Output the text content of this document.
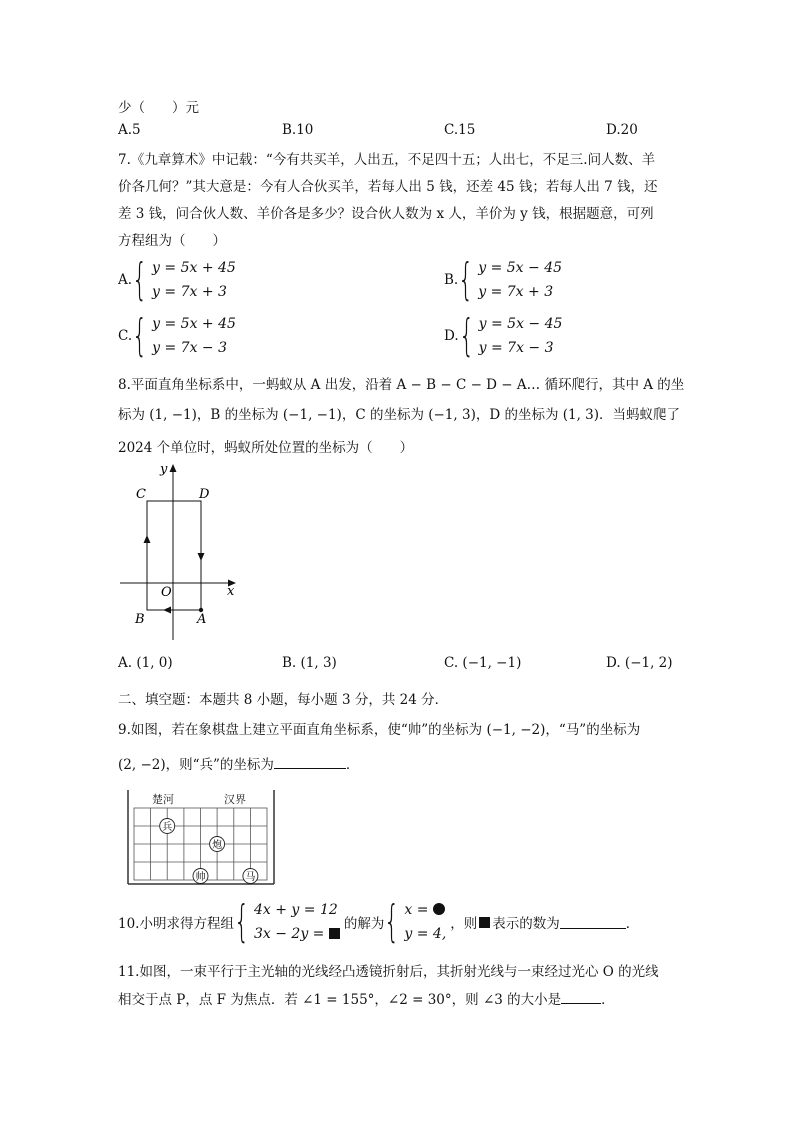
少（　　）元
A.5	B.10	C.15	D.20
7.《九章算术》中记载：“今有共买羊，人出五，不足四十五；人出七，不足三.问人数、羊
价各几何？”其大意是：今有人合伙买羊，若每人出 5 钱，还差 45 钱；若每人出 7 钱，还
差 3 钱，问合伙人数、羊价各是多少？设合伙人数为 x 人，羊价为 y 钱，根据题意，可列
方程组为（　　）
A. { y = 5x + 45
y = 7x + 3
B. { y = 5x − 45
y = 7x + 3
C. { y = 5x + 45
y = 7x − 3
D. { y = 5x − 45
y = 7x − 3
8.平面直角坐标系中，一蚂蚁从 A 出发，沿着 A − B − C − D − A… 循环爬行，其中 A 的坐
标为 (1, −1)，B 的坐标为 (−1, −1)，C 的坐标为 (−1, 3)，D 的坐标为 (1, 3)．当蚂蚁爬了
2024 个单位时，蚂蚁所处位置的坐标为（　　）
y
x
O
A
B
C	D
A. (1, 0)	B. (1, 3)	C. (−1, −1)	D. (−1, 2)
二、填空题：本题共 8 小题，每小题 3 分，共 24 分．
9.如图，若在象棋盘上建立平面直角坐标系，使“帅”的坐标为 (−1, −2)，“马”的坐标为
(2, −2)，则“兵”的坐标为	．
楚河	汉界
兵
炮
帅	马
10.小明求得方程组 { 4x + y = 12
3x − 2y =
的解为 { x =
y = 4,
，则 表示的数为	．
11.如图，一束平行于主光轴的光线经凸透镜折射后，其折射光线与一束经过光心 O 的光线
相交于点 P，点 F 为焦点．若 ∠1 = 155°，∠2 = 30°，则 ∠3 的大小是	．
